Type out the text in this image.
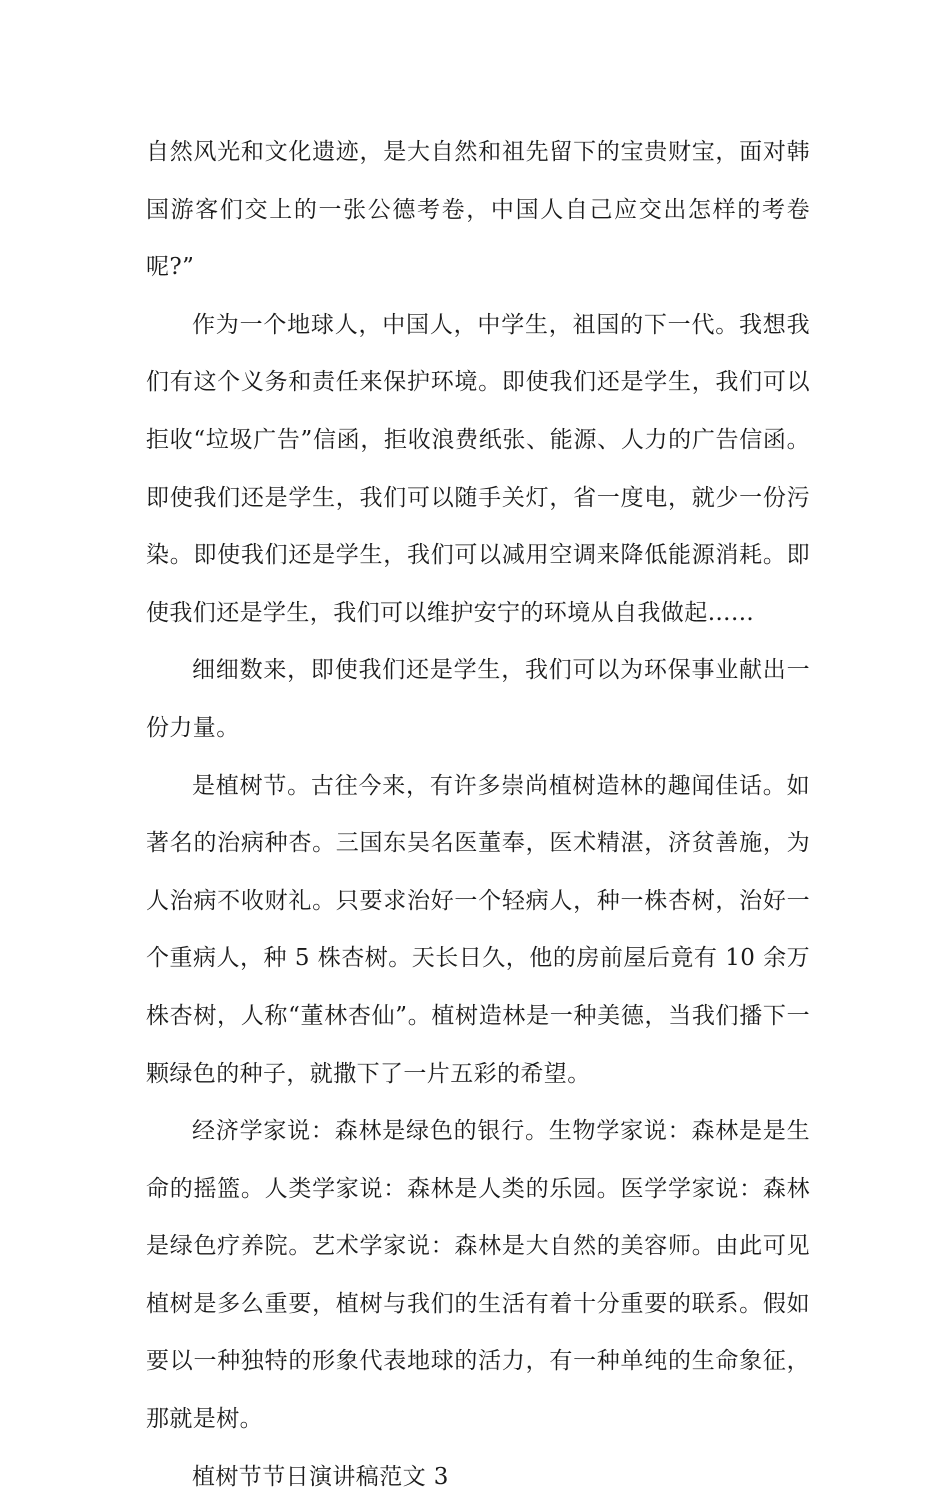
自然风光和文化遗迹，是大自然和祖先留下的宝贵财宝，面对韩国游客们交上的一张公德考卷，中国人自己应交出怎样的考卷呢?”

作为一个地球人，中国人，中学生，祖国的下一代。我想我们有这个义务和责任来保护环境。即使我们还是学生，我们可以拒收“垃圾广告”信函，拒收浪费纸张、能源、人力的广告信函。即使我们还是学生，我们可以随手关灯，省一度电，就少一份污染。即使我们还是学生，我们可以减用空调来降低能源消耗。即使我们还是学生，我们可以维护安宁的环境从自我做起…...

细细数来，即使我们还是学生，我们可以为环保事业献出一份力量。

是植树节。古往今来，有许多崇尚植树造林的趣闻佳话。如著名的治病种杏。三国东吴名医董奉，医术精湛，济贫善施，为人治病不收财礼。只要求治好一个轻病人，种一株杏树，治好一个重病人，种 5 株杏树。天长日久，他的房前屋后竟有 10 余万株杏树，人称“董林杏仙”。植树造林是一种美德，当我们播下一颗绿色的种子，就撒下了一片五彩的希望。

经济学家说：森林是绿色的银行。生物学家说：森林是是生命的摇篮。人类学家说：森林是人类的乐园。医学学家说：森林是绿色疗养院。艺术学家说：森林是大自然的美容师。由此可见植树是多么重要，植树与我们的生活有着十分重要的联系。假如要以一种独特的形象代表地球的活力，有一种单纯的生命象征，那就是树。

植树节节日演讲稿范文 3
